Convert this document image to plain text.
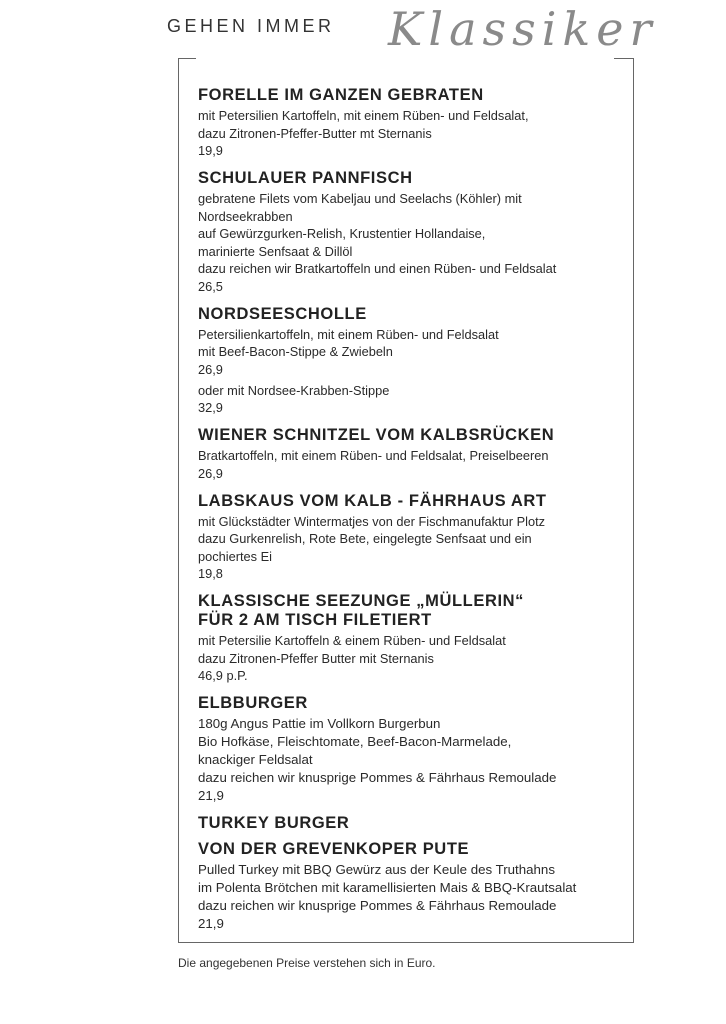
GEHEN IMMER Klassiker
FORELLE IM GANZEN GEBRATEN
mit Petersilien Kartoffeln, mit einem Rüben- und Feldsalat,
dazu Zitronen-Pfeffer-Butter mt Sternanis
19,9
SCHULAUER PANNFISCH
gebratene Filets vom Kabeljau und Seelachs (Köhler) mit
Nordseekrabben
auf Gewürzgurken-Relish, Krustentier Hollandaise,
marinierte Senfsaat & Dillöl
dazu reichen wir Bratkartoffeln und einen Rüben- und Feldsalat
26,5
NORDSEESCHOLLE
Petersilienkartoffeln, mit einem Rüben- und Feldsalat
mit Beef-Bacon-Stippe & Zwiebeln
26,9
oder mit Nordsee-Krabben-Stippe
32,9
WIENER SCHNITZEL VOM KALBSRÜCKEN
Bratkartoffeln, mit einem Rüben- und Feldsalat, Preiselbeeren
26,9
LABSKAUS VOM KALB - FÄHRHAUS ART
mit Glückstädter Wintermatjes von der Fischmanufaktur Plotz
dazu Gurkenrelish, Rote Bete, eingelegte Senfsaat und ein
pochiertes Ei
19,8
KLASSISCHE SEEZUNGE „MÜLLERIN“
FÜR 2 AM TISCH FILETIERT
mit Petersilie Kartoffeln & einem Rüben- und Feldsalat
dazu Zitronen-Pfeffer Butter mit Sternanis
46,9 p.P.
ELBBURGER
180g Angus Pattie im Vollkorn Burgerbun
Bio Hofkäse, Fleischtomate, Beef-Bacon-Marmelade,
knackiger Feldsalat
dazu reichen wir knusprige Pommes & Fährhaus Remoulade
21,9
TURKEY BURGER
VON DER GREVENKOPER PUTE
Pulled Turkey mit BBQ Gewürz aus der Keule des Truthahns
im Polenta Brötchen mit karamellisierten Mais & BBQ-Krautsalat
dazu reichen wir knusprige Pommes & Fährhaus Remoulade
21,9
Die angegebenen Preise verstehen sich in Euro.
